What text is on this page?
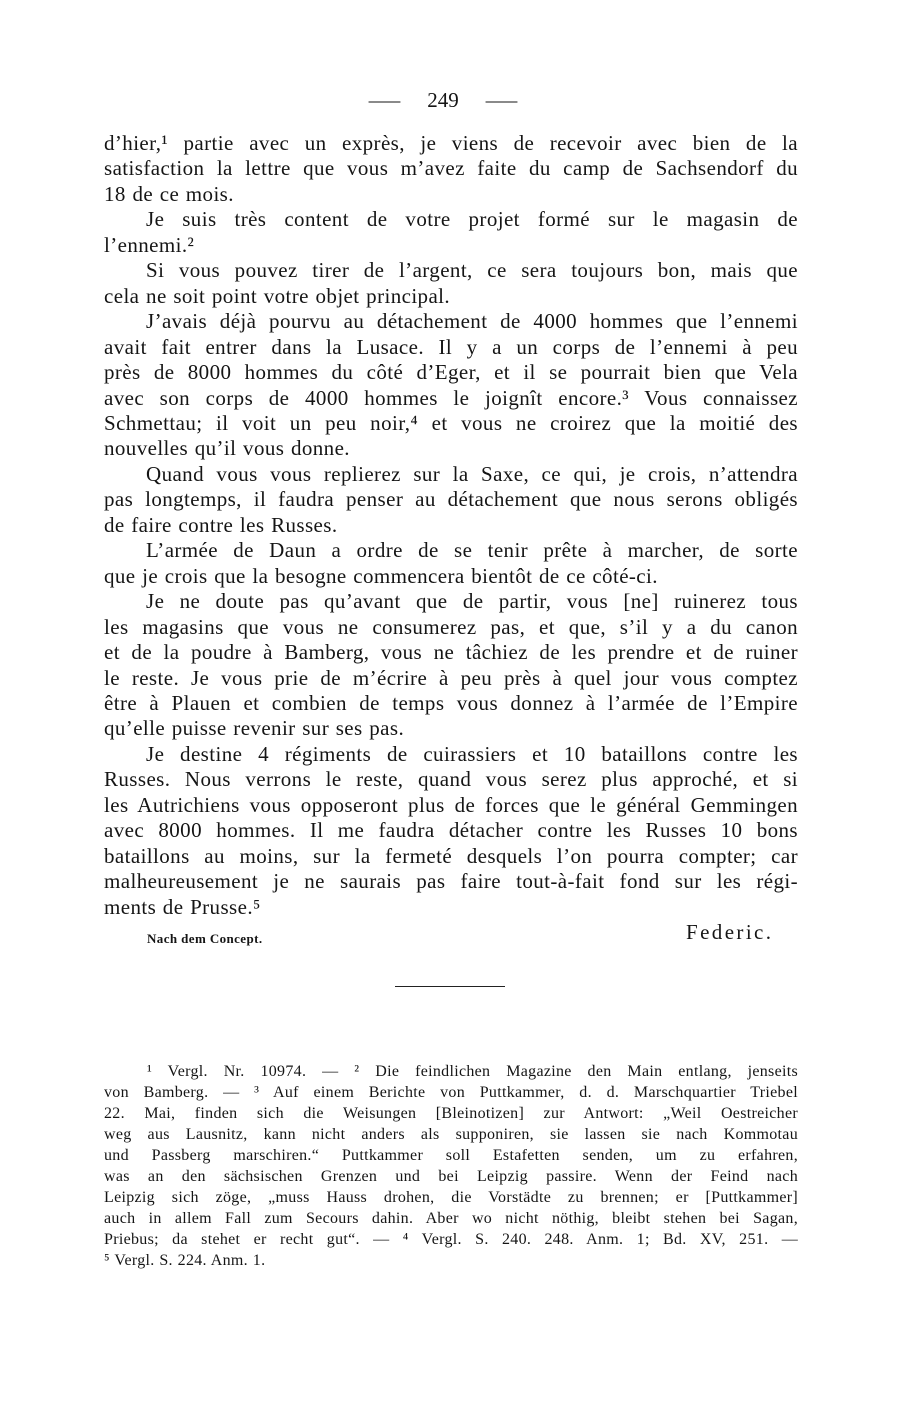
— 249 —
d’hier,¹ partie avec un exprès, je viens de recevoir avec bien de la
satisfaction la lettre que vous m’avez faite du camp de Sachsendorf du
18 de ce mois.
Je suis très content de votre projet formé sur le magasin de
l’ennemi.²
Si vous pouvez tirer de l’argent, ce sera toujours bon, mais que
cela ne soit point votre objet principal.
J’avais déjà pourvu au détachement de 4000 hommes que l’ennemi
avait fait entrer dans la Lusace. Il y a un corps de l’ennemi à peu
près de 8000 hommes du côté d’Eger, et il se pourrait bien que Vela
avec son corps de 4000 hommes le joignît encore.³ Vous connaissez
Schmettau; il voit un peu noir,⁴ et vous ne croirez que la moitié des
nouvelles qu’il vous donne.
Quand vous vous replierez sur la Saxe, ce qui, je crois, n’attendra
pas longtemps, il faudra penser au détachement que nous serons obligés
de faire contre les Russes.
L’armée de Daun a ordre de se tenir prête à marcher, de sorte
que je crois que la besogne commencera bientôt de ce côté-ci.
Je ne doute pas qu’avant que de partir, vous [ne] ruinerez tous
les magasins que vous ne consumerez pas, et que, s’il y a du canon
et de la poudre à Bamberg, vous ne tâchiez de les prendre et de ruiner
le reste. Je vous prie de m’écrire à peu près à quel jour vous comptez
être à Plauen et combien de temps vous donnez à l’armée de l’Empire
qu’elle puisse revenir sur ses pas.
Je destine 4 régiments de cuirassiers et 10 bataillons contre les
Russes. Nous verrons le reste, quand vous serez plus approché, et si
les Autrichiens vous opposeront plus de forces que le général Gemmingen
avec 8000 hommes. Il me faudra détacher contre les Russes 10 bons
bataillons au moins, sur la fermeté desquels l’on pourra compter; car
malheureusement je ne saurais pas faire tout-à-fait fond sur les régi-
ments de Prusse.⁵
Nach dem Concept.	Federic.
¹ Vergl. Nr. 10974. — ² Die feindlichen Magazine den Main entlang, jenseits
von Bamberg. — ³ Auf einem Berichte von Puttkammer, d. d. Marschquartier Triebel
22. Mai, finden sich die Weisungen [Bleinotizen] zur Antwort: „Weil Oestreicher
weg aus Lausnitz, kann nicht anders als supponiren, sie lassen sie nach Kommotau
und Passberg marschiren.“ Puttkammer soll Estafetten senden, um zu erfahren,
was an den sächsischen Grenzen und bei Leipzig passire. Wenn der Feind nach
Leipzig sich zöge, „muss Hauss drohen, die Vorstädte zu brennen; er [Puttkammer]
auch in allem Fall zum Secours dahin. Aber wo nicht nöthig, bleibt stehen bei Sagan,
Priebus; da stehet er recht gut“. — ⁴ Vergl. S. 240. 248. Anm. 1; Bd. XV, 251. —
⁵ Vergl. S. 224. Anm. 1.
